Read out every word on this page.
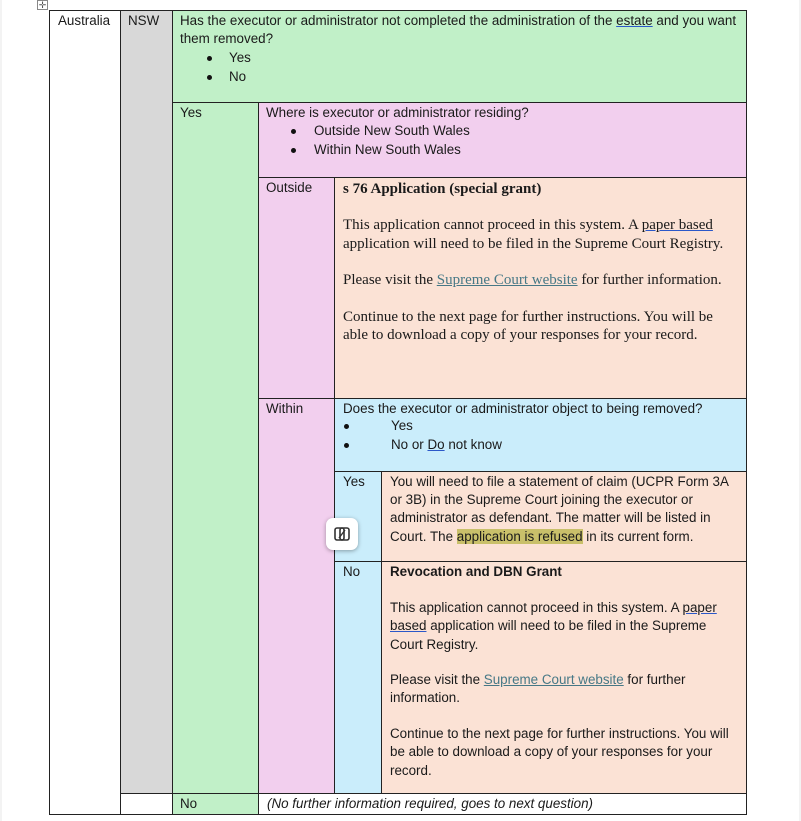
✛
Australia	NSW	Has the executor or administrator not completed the administration of the estate and you want them removed?
Yes
No
Yes	Where is executor or administrator residing?
Outside New South Wales
Within New South Wales
Outside	s 76 Application (special grant)
This application cannot proceed in this system. A paper based application will need to be filed in the Supreme Court Registry.
Please visit the Supreme Court website for further information.
Continue to the next page for further instructions. You will be able to download a copy of your responses for your record.
Within	Does the executor or administrator object to being removed?
Yes
No or Do not know
Yes	You will need to file a statement of claim (UCPR Form 3A or 3B) in the Supreme Court joining the executor or administrator as defendant. The matter will be listed in Court. The application is refused in its current form.
No	Revocation and DBN Grant
This application cannot proceed in this system. A paper based application will need to be filed in the Supreme Court Registry.
Please visit the Supreme Court website for further information.
Continue to the next page for further instructions. You will be able to download a copy of your responses for your record.
No	(No further information required, goes to next question)
